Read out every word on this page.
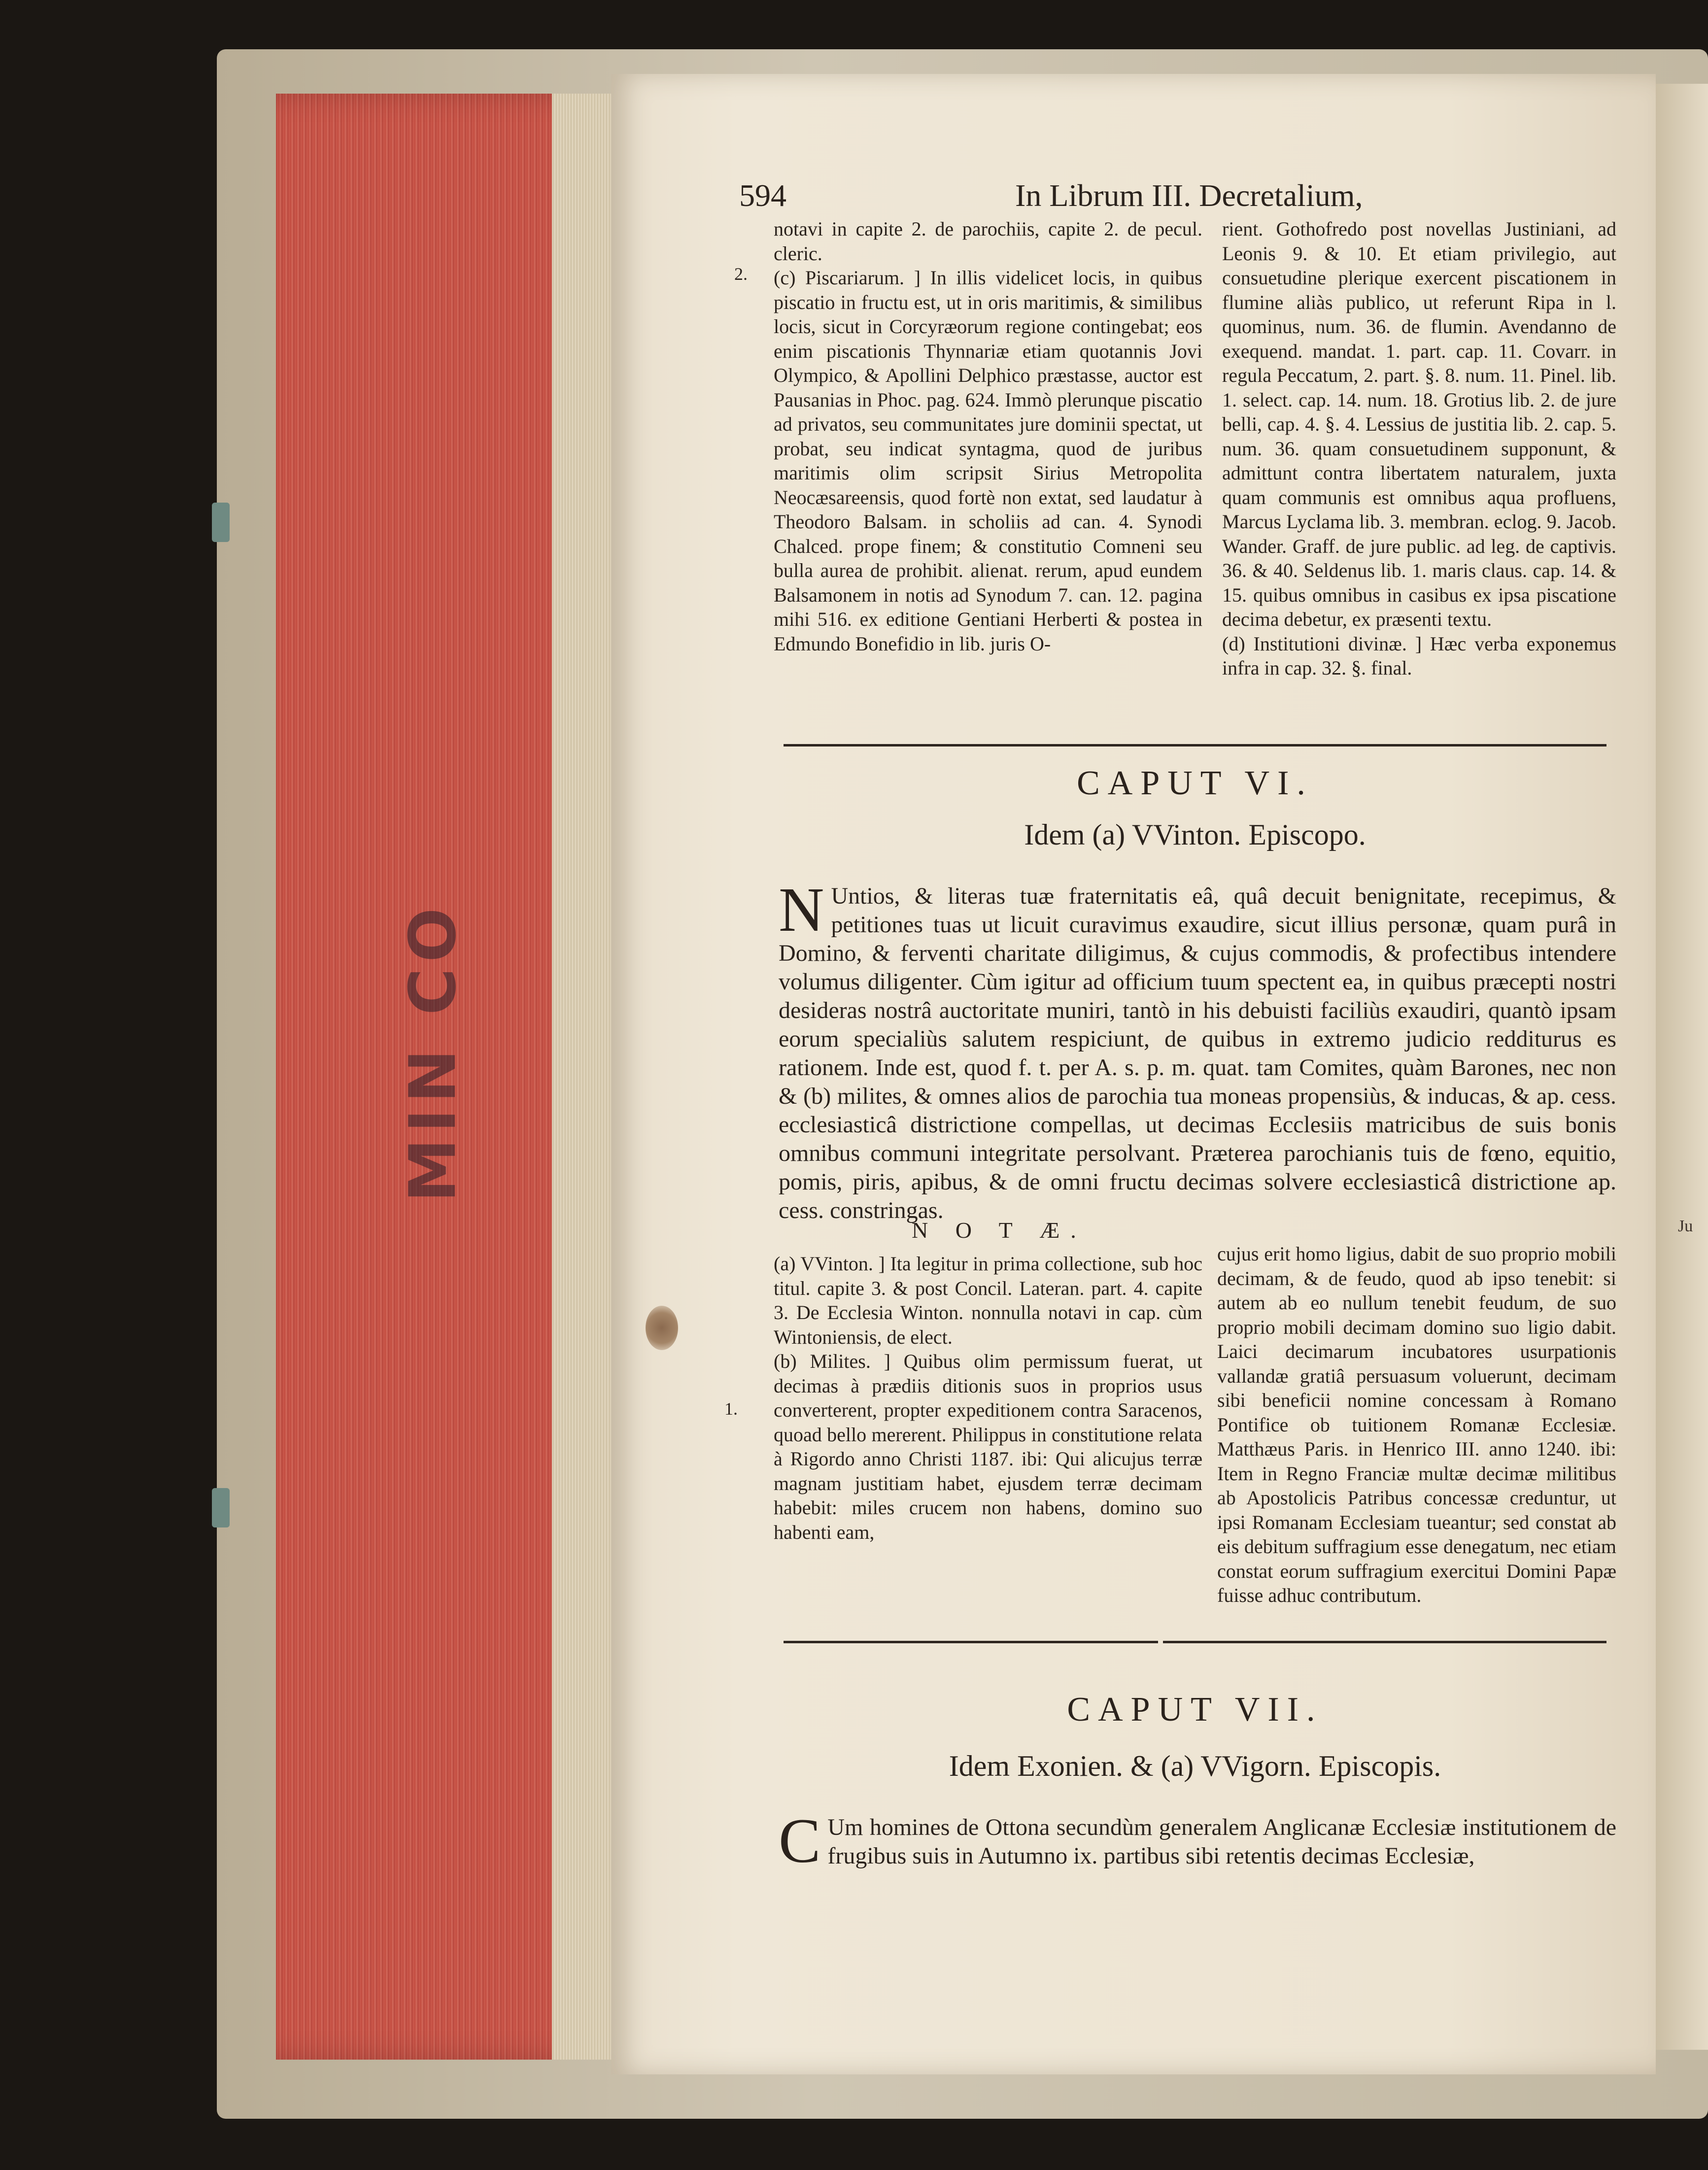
MIN CO
Ju
594	In Librum III. Decretalium,
2.
1.

notavi in capite 2. de parochiis, capite 2. de pecul. cleric.

(c) Piscariarum. ] In illis videlicet locis, in quibus piscatio in fructu est, ut in oris maritimis, & similibus locis, sicut in Corcyræorum regione contingebat; eos enim piscationis Thynnariæ etiam quotannis Jovi Olympico, & Apollini Delphico præstasse, auctor est Pausanias in Phoc. pag. 624. Immò plerunque piscatio ad privatos, seu communitates jure dominii spectat, ut probat, seu indicat syntagma, quod de juribus maritimis olim scripsit Sirius Metropolita Neocæsareensis, quod fortè non extat, sed laudatur à Theodoro Balsam. in scholiis ad can. 4. Synodi Chalced. prope finem; & constitutio Comneni seu bulla aurea de prohibit. alienat. rerum, apud eundem Balsamonem in notis ad Synodum 7. can. 12. pagina mihi 516. ex editione Gentiani Herberti & postea in Edmundo Bonefidio in lib. juris O-

rient. Gothofredo post novellas Justiniani, ad Leonis 9. & 10. Et etiam privilegio, aut consuetudine plerique exercent piscationem in flumine aliàs publico, ut referunt Ripa in l. quominus, num. 36. de flumin. Avendanno de exequend. mandat. 1. part. cap. 11. Covarr. in regula Peccatum, 2. part. §. 8. num. 11. Pinel. lib. 1. select. cap. 14. num. 18. Grotius lib. 2. de jure belli, cap. 4. §. 4. Lessius de justitia lib. 2. cap. 5. num. 36. quam consuetudinem supponunt, & admittunt contra libertatem naturalem, juxta quam communis est omnibus aqua profluens, Marcus Lyclama lib. 3. membran. eclog. 9. Jacob. Wander. Graff. de jure public. ad leg. de captivis. 36. & 40. Seldenus lib. 1. maris claus. cap. 14. & 15. quibus omnibus in casibus ex ipsa piscatione decima debetur, ex præsenti textu.

(d) Institutioni divinæ. ] Hæc verba exponemus infra in cap. 32. §. final.

CAPUT VI.
Idem (a) VVinton. Episcopo.
N Untios, & literas tuæ fraternitatis eâ, quâ decuit benignitate, recepimus, & petitiones tuas ut licuit curavimus exaudire, sicut illius personæ, quam purâ in Domino, & ferventi charitate diligimus, & cujus commodis, & profectibus intendere volumus diligenter. Cùm igitur ad officium tuum spectent ea, in quibus præcepti nostri desideras nostrâ auctoritate muniri, tantò in his debuisti faciliùs exaudiri, quantò ipsam eorum specialiùs salutem respiciunt, de quibus in extremo judicio redditurus es rationem. Inde est, quod f. t. per A. s. p. m. quat. tam Comites, quàm Barones, nec non & (b) milites, & omnes alios de parochia tua moneas propensiùs, & inducas, & ap. cess. ecclesiasticâ districtione compellas, ut decimas Ecclesiis matricibus de suis bonis omnibus communi integritate persolvant. Præterea parochianis tuis de fœno, equitio, pomis, piris, apibus, & de omni fructu decimas solvere ecclesiasticâ districtione ap. cess. constringas.
N O T Æ.

(a) VVinton. ] Ita legitur in prima collectione, sub hoc titul. capite 3. & post Concil. Lateran. part. 4. capite 3. De Ecclesia Winton. nonnulla notavi in cap. cùm Wintoniensis, de elect.

(b) Milites. ] Quibus olim permissum fuerat, ut decimas à prædiis ditionis suos in proprios usus converterent, propter expeditionem contra Saracenos, quoad bello mererent. Philippus in constitutione relata à Rigordo anno Christi 1187. ibi: Qui alicujus terræ magnam justitiam habet, ejusdem terræ decimam habebit: miles crucem non habens, domino suo habenti eam,

cujus erit homo ligius, dabit de suo proprio mobili decimam, & de feudo, quod ab ipso tenebit: si autem ab eo nullum tenebit feudum, de suo proprio mobili decimam domino suo ligio dabit. Laici decimarum incubatores usurpationis vallandæ gratiâ persuasum voluerunt, decimam sibi beneficii nomine concessam à Romano Pontifice ob tuitionem Romanæ Ecclesiæ. Matthæus Paris. in Henrico III. anno 1240. ibi: Item in Regno Franciæ multæ decimæ militibus ab Apostolicis Patribus concessæ creduntur, ut ipsi Romanam Ecclesiam tueantur; sed constat ab eis debitum suffragium esse denegatum, nec etiam constat eorum suffragium exercitui Domini Papæ fuisse adhuc contributum.

CAPUT VII.
Idem Exonien. & (a) VVigorn. Episcopis.
C Um homines de Ottona secundùm generalem Anglicanæ Ecclesiæ institutionem de frugibus suis in Autumno ix. partibus sibi retentis decimas Ecclesiæ,
